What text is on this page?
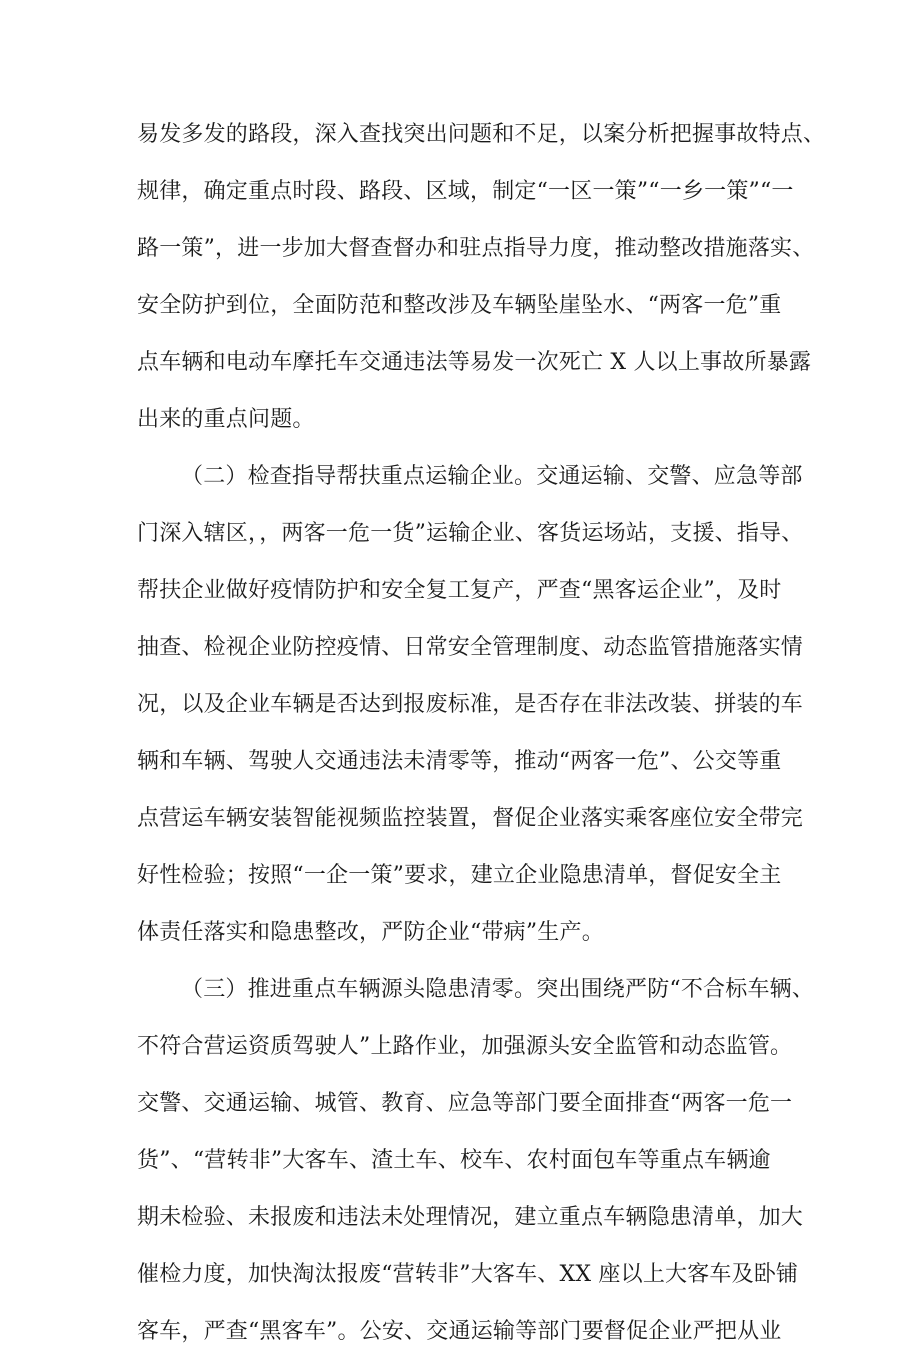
易发多发的路段，深入查找突出问题和不足，以案分析把握事故特点、
规律，确定重点时段、路段、区域，制定“一区一策”“一乡一策”“一
路一策”，进一步加大督查督办和驻点指导力度，推动整改措施落实、
安全防护到位，全面防范和整改涉及车辆坠崖坠水、“两客一危”重
点车辆和电动车摩托车交通违法等易发一次死亡 X 人以上事故所暴露
出来的重点问题。
（二）检查指导帮扶重点运输企业。交通运输、交警、应急等部
门深入辖区，，两客一危一货”运输企业、客货运场站，支援、指导、
帮扶企业做好疫情防护和安全复工复产，严查“黑客运企业”，及时
抽查、检视企业防控疫情、日常安全管理制度、动态监管措施落实情
况，以及企业车辆是否达到报废标准，是否存在非法改装、拼装的车
辆和车辆、驾驶人交通违法未清零等，推动“两客一危”、公交等重
点营运车辆安装智能视频监控装置，督促企业落实乘客座位安全带完
好性检验；按照“一企一策”要求，建立企业隐患清单，督促安全主
体责任落实和隐患整改，严防企业“带病”生产。
（三）推进重点车辆源头隐患清零。突出围绕严防“不合标车辆、
不符合营运资质驾驶人”上路作业，加强源头安全监管和动态监管。
交警、交通运输、城管、教育、应急等部门要全面排查“两客一危一
货”、“营转非”大客车、渣土车、校车、农村面包车等重点车辆逾
期未检验、未报废和违法未处理情况，建立重点车辆隐患清单，加大
催检力度，加快淘汰报废“营转非”大客车、XX 座以上大客车及卧铺
客车，严查“黑客车”。公安、交通运输等部门要督促企业严把从业
